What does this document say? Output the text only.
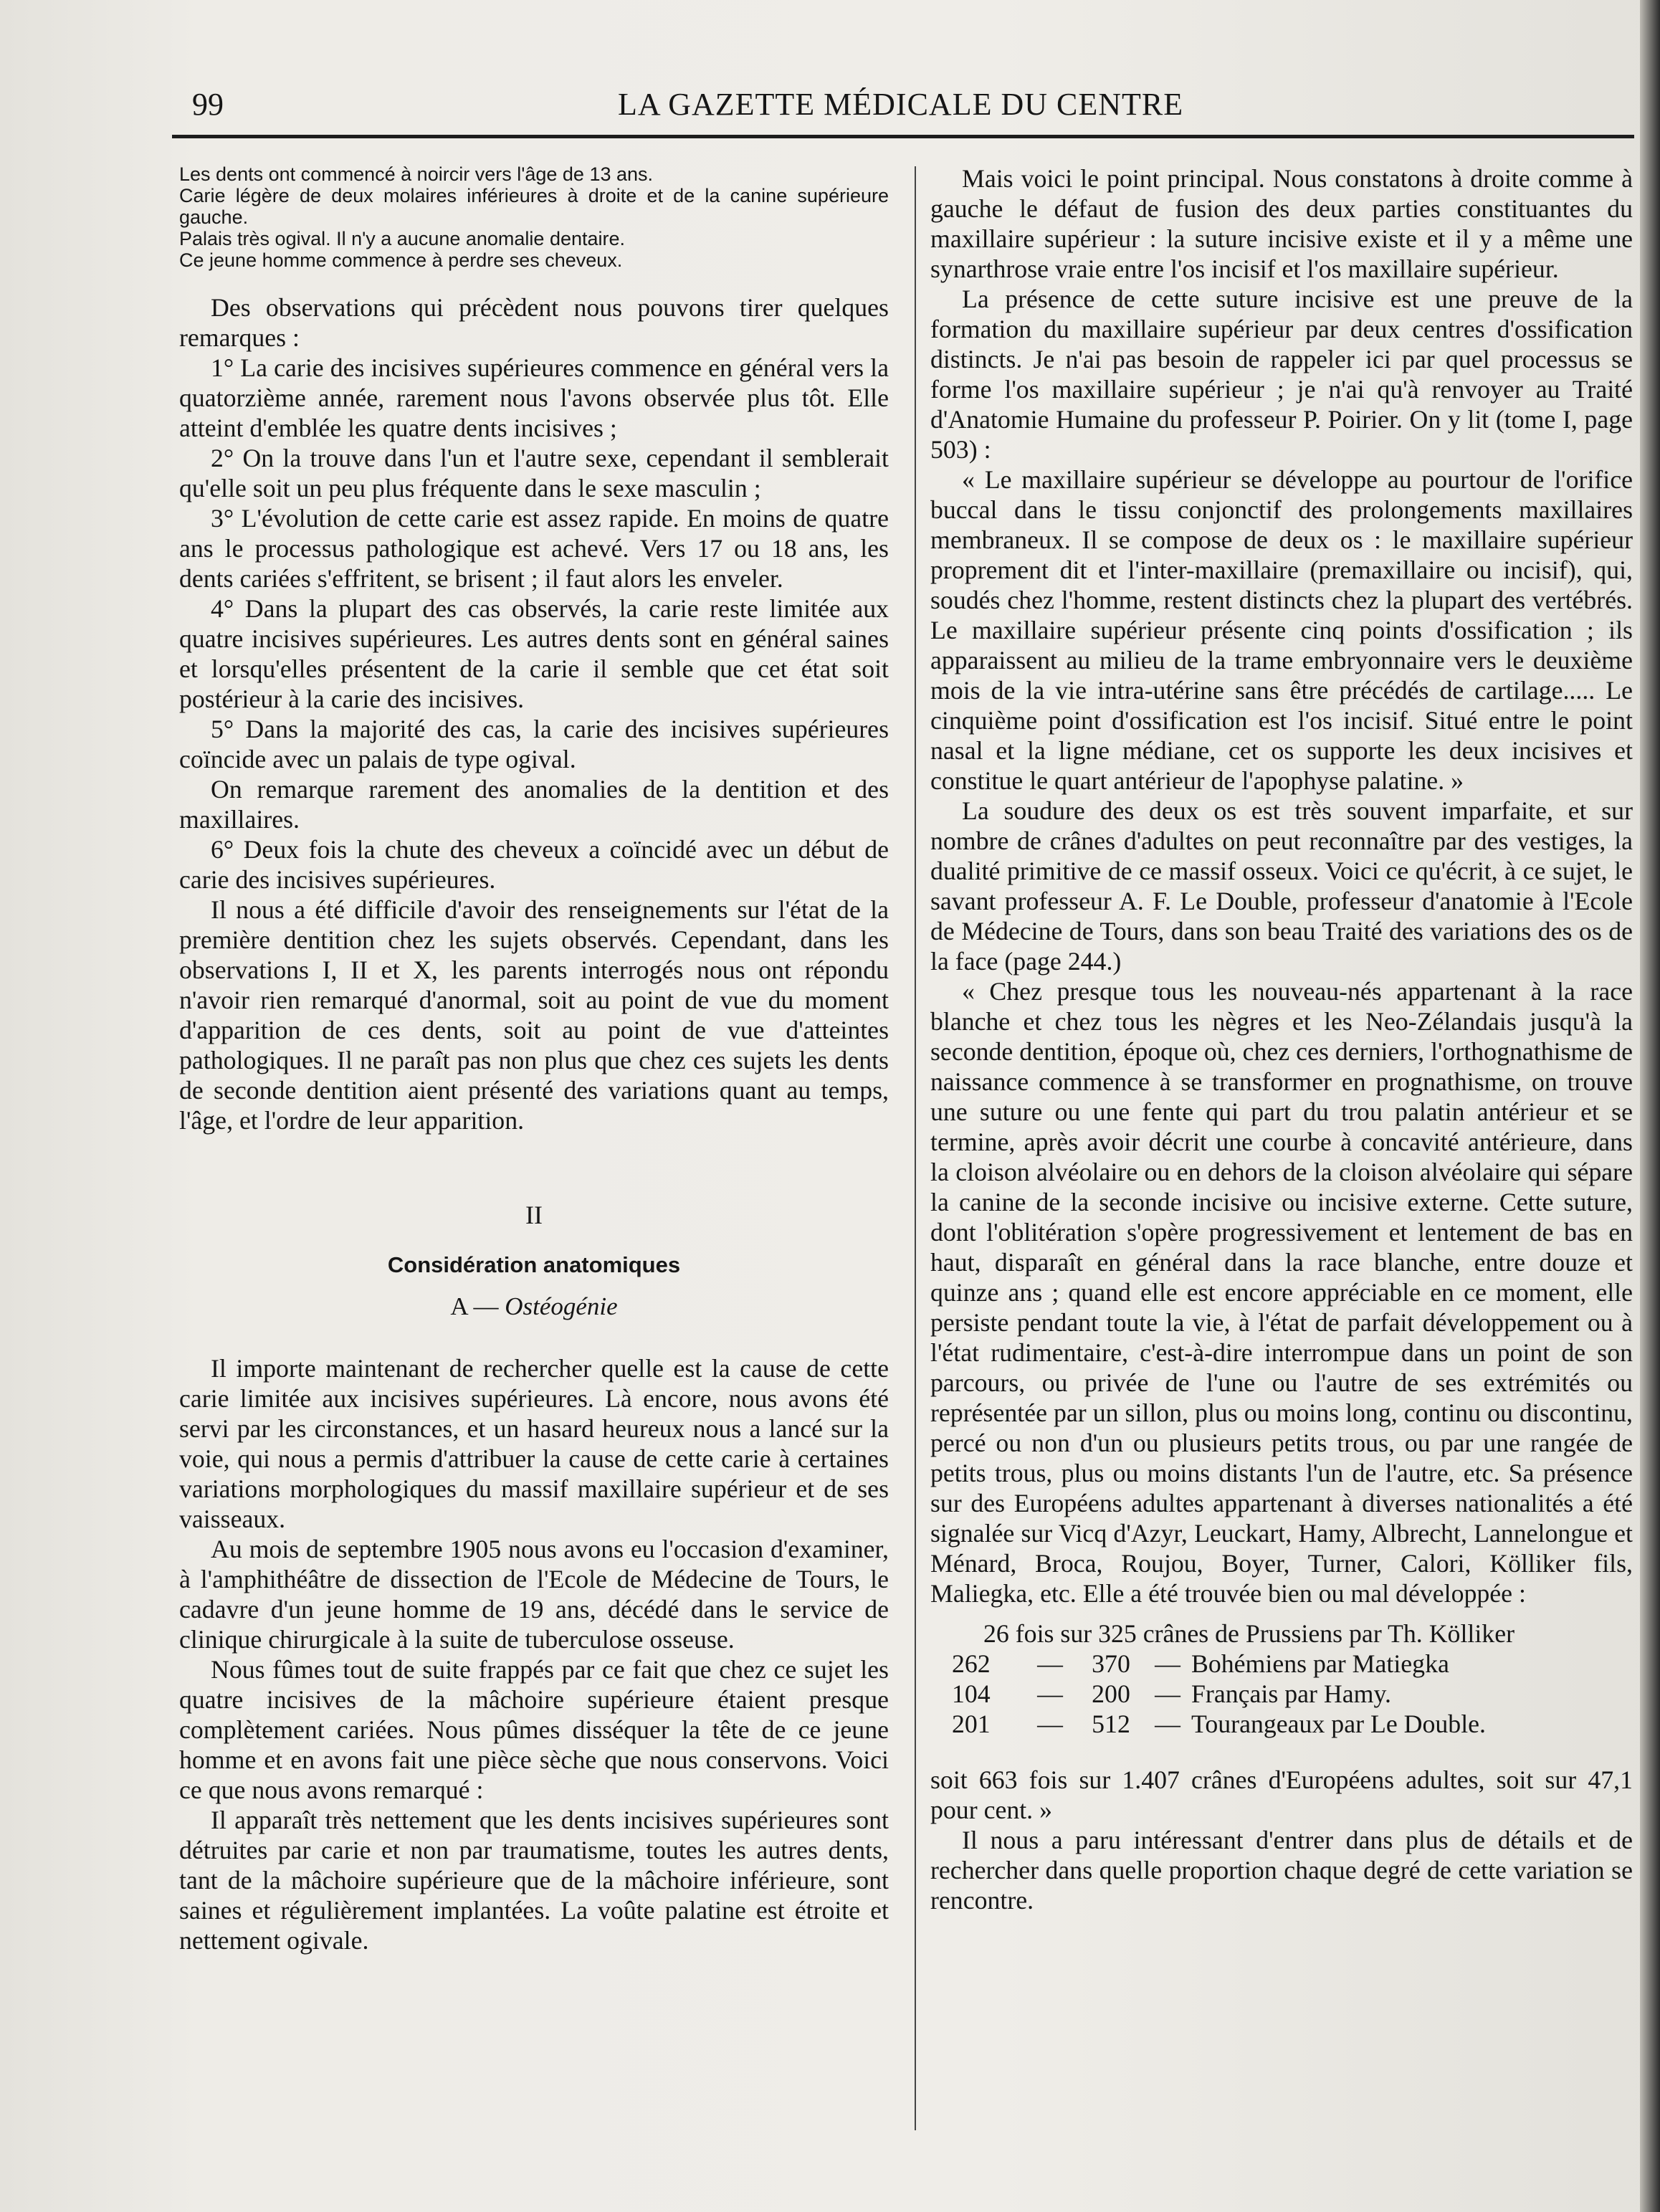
99	LA GAZETTE MÉDICALE DU CENTRE

Les dents ont commencé à noircir vers l'âge de 13 ans.

Carie légère de deux molaires inférieures à droite et de la canine supérieure gauche.

Palais très ogival. Il n'y a aucune anomalie dentaire.

Ce jeune homme commence à perdre ses cheveux.

Des observations qui précèdent nous pouvons tirer quelques remarques :

1° La carie des incisives supérieures commence en général vers la quatorzième année, rarement nous l'avons observée plus tôt. Elle atteint d'emblée les quatre dents incisives ;

2° On la trouve dans l'un et l'autre sexe, cependant il semblerait qu'elle soit un peu plus fréquente dans le sexe masculin ;

3° L'évolution de cette carie est assez rapide. En moins de quatre ans le processus pathologique est achevé. Vers 17 ou 18 ans, les dents cariées s'effritent, se brisent ; il faut alors les enveler.

4° Dans la plupart des cas observés, la carie reste limitée aux quatre incisives supérieures. Les autres dents sont en général saines et lorsqu'elles présentent de la carie il semble que cet état soit postérieur à la carie des incisives.

5° Dans la majorité des cas, la carie des incisives supérieures coïncide avec un palais de type ogival.

On remarque rarement des anomalies de la dentition et des maxillaires.

6° Deux fois la chute des cheveux a coïncidé avec un début de carie des incisives supérieures.

Il nous a été difficile d'avoir des renseignements sur l'état de la première dentition chez les sujets observés. Cependant, dans les observations I, II et X, les parents interrogés nous ont répondu n'avoir rien remarqué d'anormal, soit au point de vue du moment d'apparition de ces dents, soit au point de vue d'atteintes pathologiques. Il ne paraît pas non plus que chez ces sujets les dents de seconde dentition aient présenté des variations quant au temps, l'âge, et l'ordre de leur apparition.

II
Considération anatomiques
A — Ostéogénie

Il importe maintenant de rechercher quelle est la cause de cette carie limitée aux incisives supérieures. Là encore, nous avons été servi par les circonstances, et un hasard heureux nous a lancé sur la voie, qui nous a permis d'attribuer la cause de cette carie à certaines variations morphologiques du massif maxillaire supérieur et de ses vaisseaux.

Au mois de septembre 1905 nous avons eu l'occasion d'examiner, à l'amphithéâtre de dissection de l'Ecole de Médecine de Tours, le cadavre d'un jeune homme de 19 ans, décédé dans le service de clinique chirurgicale à la suite de tuberculose osseuse.

Nous fûmes tout de suite frappés par ce fait que chez ce sujet les quatre incisives de la mâchoire supérieure étaient presque complètement cariées. Nous pûmes disséquer la tête de ce jeune homme et en avons fait une pièce sèche que nous conservons. Voici ce que nous avons remarqué :

Il apparaît très nettement que les dents incisives supérieures sont détruites par carie et non par traumatisme, toutes les autres dents, tant de la mâchoire supérieure que de la mâchoire inférieure, sont saines et régulièrement implantées. La voûte palatine est étroite et nettement ogivale.

Mais voici le point principal. Nous constatons à droite comme à gauche le défaut de fusion des deux parties constituantes du maxillaire supérieur : la suture incisive existe et il y a même une synarthrose vraie entre l'os incisif et l'os maxillaire supérieur.

La présence de cette suture incisive est une preuve de la formation du maxillaire supérieur par deux centres d'ossification distincts. Je n'ai pas besoin de rappeler ici par quel processus se forme l'os maxillaire supérieur ; je n'ai qu'à renvoyer au Traité d'Anatomie Humaine du professeur P. Poirier. On y lit (tome I, page 503) :

« Le maxillaire supérieur se développe au pourtour de l'orifice buccal dans le tissu conjonctif des prolongements maxillaires membraneux. Il se compose de deux os : le maxillaire supérieur proprement dit et l'inter-maxillaire (premaxillaire ou incisif), qui, soudés chez l'homme, restent distincts chez la plupart des vertébrés. Le maxillaire supérieur présente cinq points d'ossification ; ils apparaissent au milieu de la trame embryonnaire vers le deuxième mois de la vie intra-utérine sans être précédés de cartilage..... Le cinquième point d'ossification est l'os incisif. Situé entre le point nasal et la ligne médiane, cet os supporte les deux incisives et constitue le quart antérieur de l'apophyse palatine. »

La soudure des deux os est très souvent imparfaite, et sur nombre de crânes d'adultes on peut reconnaître par des vestiges, la dualité primitive de ce massif osseux. Voici ce qu'écrit, à ce sujet, le savant professeur A. F. Le Double, professeur d'anatomie à l'Ecole de Médecine de Tours, dans son beau Traité des variations des os de la face (page 244.)

« Chez presque tous les nouveau-nés appartenant à la race blanche et chez tous les nègres et les Neo-Zélandais jusqu'à la seconde dentition, époque où, chez ces derniers, l'orthognathisme de naissance commence à se transformer en prognathisme, on trouve une suture ou une fente qui part du trou palatin antérieur et se termine, après avoir décrit une courbe à concavité antérieure, dans la cloison alvéolaire ou en dehors de la cloison alvéolaire qui sépare la canine de la seconde incisive ou incisive externe. Cette suture, dont l'oblitération s'opère progressivement et lentement de bas en haut, disparaît en général dans la race blanche, entre douze et quinze ans ; quand elle est encore appréciable en ce moment, elle persiste pendant toute la vie, à l'état de parfait développement ou à l'état rudimentaire, c'est-à-dire interrompue dans un point de son parcours, ou privée de l'une ou l'autre de ses extrémités ou représentée par un sillon, plus ou moins long, continu ou discontinu, percé ou non d'un ou plusieurs petits trous, ou par une rangée de petits trous, plus ou moins distants l'un de l'autre, etc. Sa présence sur des Européens adultes appartenant à diverses nationalités a été signalée sur Vicq d'Azyr, Leuckart, Hamy, Albrecht, Lannelongue et Ménard, Broca, Roujou, Boyer, Turner, Calori, Kölliker fils, Maliegka, etc. Elle a été trouvée bien ou mal développée :

26 fois sur 325 crânes de Prussiens par Th. Kölliker
262	—	370 — Bohémiens par Matiegka
104	—	200 — Français par Hamy.
201	—	512 — Tourangeaux par Le Double.

soit 663 fois sur 1.407 crânes d'Européens adultes, soit sur 47,1 pour cent. »

Il nous a paru intéressant d'entrer dans plus de détails et de rechercher dans quelle proportion chaque degré de cette variation se rencontre.
